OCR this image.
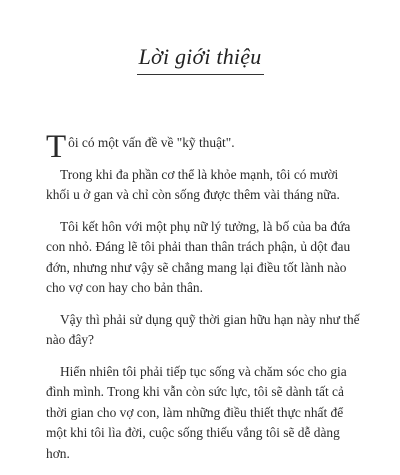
Lời giới thiệu

Tôi có một vấn đề về "kỹ thuật".

Trong khi đa phần cơ thể là khỏe mạnh, tôi có mười khối u ở gan và chỉ còn sống được thêm vài tháng nữa.

Tôi kết hôn với một phụ nữ lý tưởng, là bố của ba đứa con nhỏ. Đáng lẽ tôi phải than thân trách phận, ủ dột đau đớn, nhưng như vậy sẽ chẳng mang lại điều tốt lành nào cho vợ con hay cho bản thân.

Vậy thì phải sử dụng quỹ thời gian hữu hạn này như thế nào đây?

Hiển nhiên tôi phải tiếp tục sống và chăm sóc cho gia đình mình. Trong khi vẫn còn sức lực, tôi sẽ dành tất cả thời gian cho vợ con, làm những điều thiết thực nhất để một khi tôi lìa đời, cuộc sống thiếu vắng tôi sẽ dễ dàng hơn.
